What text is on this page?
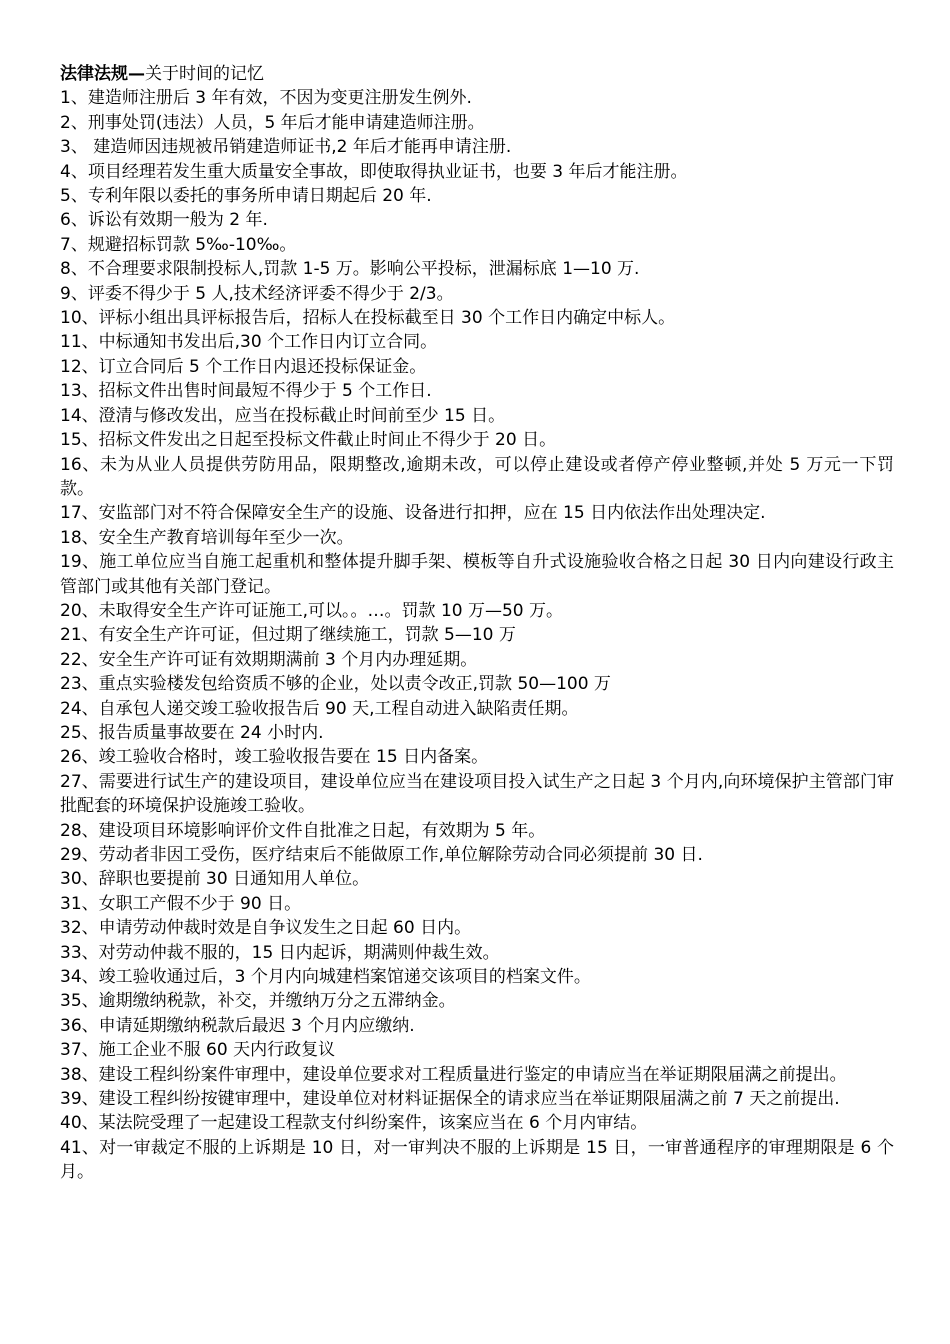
法律法规—关于时间的记忆

1、建造师注册后 3 年有效，不因为变更注册发生例外.

2、刑事处罚(违法）人员，5 年后才能申请建造师注册。

3、 建造师因违规被吊销建造师证书,2 年后才能再申请注册.

4、项目经理若发生重大质量安全事故，即使取得执业证书，也要 3 年后才能注册。

5、专利年限以委托的事务所申请日期起后 20 年.

6、诉讼有效期一般为 2 年.

7、规避招标罚款 5‰-10‰。

8、不合理要求限制投标人,罚款 1-5 万。影响公平投标，泄漏标底 1—10 万.

9、评委不得少于 5 人,技术经济评委不得少于 2/3。

10、评标小组出具评标报告后，招标人在投标截至日 30 个工作日内确定中标人。

11、中标通知书发出后,30 个工作日内订立合同。

12、订立合同后 5 个工作日内退还投标保证金。

13、招标文件出售时间最短不得少于 5 个工作日.

14、澄清与修改发出，应当在投标截止时间前至少 15 日。

15、招标文件发出之日起至投标文件截止时间止不得少于 20 日。

16、未为从业人员提供劳防用品，限期整改,逾期未改，可以停止建设或者停产停业整顿,并处 5 万元一下罚款。

17、安监部门对不符合保障安全生产的设施、设备进行扣押，应在 15 日内依法作出处理决定.

18、安全生产教育培训每年至少一次。

19、施工单位应当自施工起重机和整体提升脚手架、模板等自升式设施验收合格之日起 30 日内向建设行政主管部门或其他有关部门登记。

20、未取得安全生产许可证施工,可以。。…。罚款 10 万—50 万。

21、有安全生产许可证，但过期了继续施工，罚款 5—10 万

22、安全生产许可证有效期期满前 3 个月内办理延期。

23、重点实验楼发包给资质不够的企业，处以责令改正,罚款 50—100 万

24、自承包人递交竣工验收报告后 90 天,工程自动进入缺陷责任期。

25、报告质量事故要在 24 小时内.

26、竣工验收合格时，竣工验收报告要在 15 日内备案。

27、需要进行试生产的建设项目，建设单位应当在建设项目投入试生产之日起 3 个月内,向环境保护主管部门审批配套的环境保护设施竣工验收。

28、建设项目环境影响评价文件自批准之日起，有效期为 5 年。

29、劳动者非因工受伤，医疗结束后不能做原工作,单位解除劳动合同必须提前 30 日.

30、辞职也要提前 30 日通知用人单位。

31、女职工产假不少于 90 日。

32、申请劳动仲裁时效是自争议发生之日起 60 日内。

33、对劳动仲裁不服的，15 日内起诉，期满则仲裁生效。

34、竣工验收通过后，3 个月内向城建档案馆递交该项目的档案文件。

35、逾期缴纳税款，补交，并缴纳万分之五滞纳金。

36、申请延期缴纳税款后最迟 3 个月内应缴纳.

37、施工企业不服 60 天内行政复议

38、建设工程纠纷案件审理中，建设单位要求对工程质量进行鉴定的申请应当在举证期限届满之前提出。

39、建设工程纠纷按键审理中，建设单位对材料证据保全的请求应当在举证期限届满之前 7 天之前提出.

40、某法院受理了一起建设工程款支付纠纷案件，该案应当在 6 个月内审结。

41、对一审裁定不服的上诉期是 10 日，对一审判决不服的上诉期是 15 日，一审普通程序的审理期限是 6 个月。
